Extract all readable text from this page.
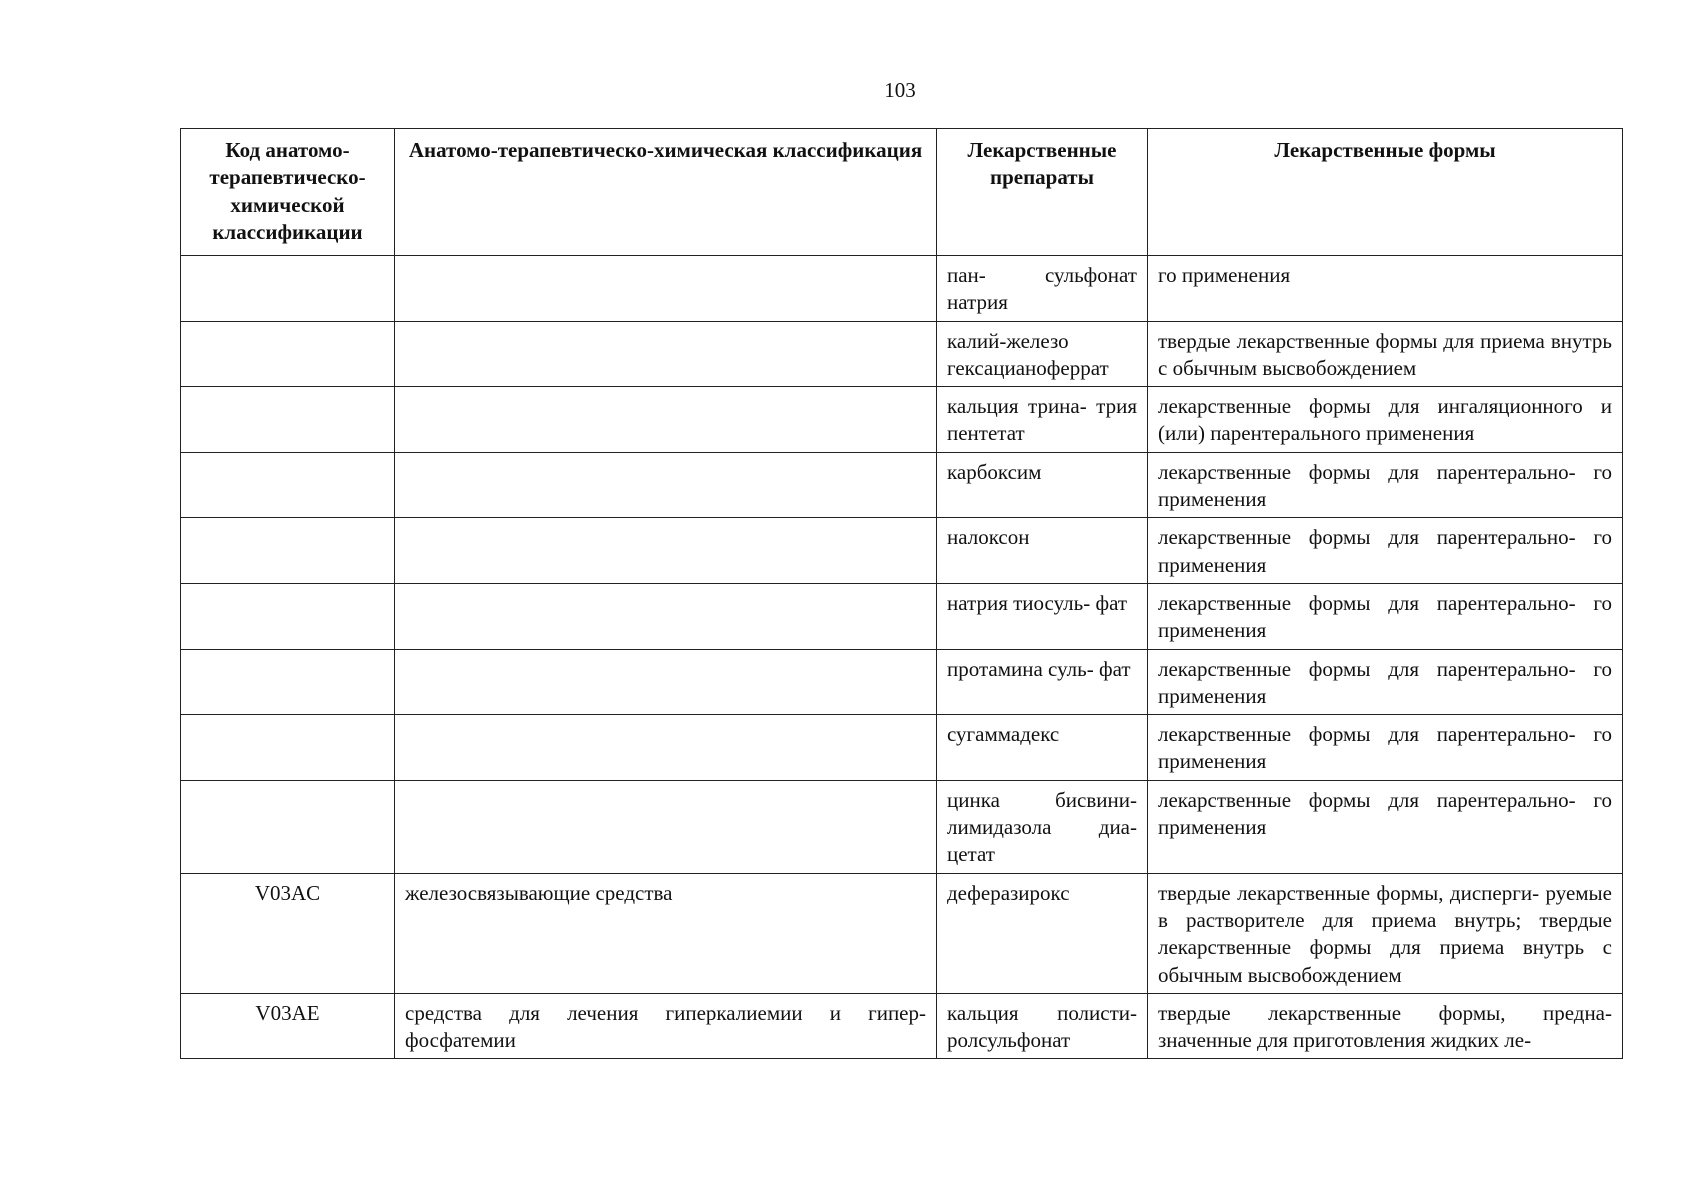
103
Код анатомо-терапевтическо-химической классификации	Анатомо-терапевтическо-химическая классификация	Лекарственные препараты	Лекарственные формы
		пан- сульфонат натрия	го применения
		калий-железо гексацианоферрат	твердые лекарственные формы для приема внутрь с обычным высвобождением
		кальция трина- трия пентетат	лекарственные формы для ингаляционного и (или) парентерального применения
		карбоксим	лекарственные формы для парентерально- го применения
		налоксон	лекарственные формы для парентерально- го применения
		натрия тиосуль- фат	лекарственные формы для парентерально- го применения
		протамина суль- фат	лекарственные формы для парентерально- го применения
		сугаммадекс	лекарственные формы для парентерально- го применения
		цинка бисвини- лимидазола диа- цетат	лекарственные формы для парентерально- го применения
V03AC	железосвязывающие средства	деферазирокс	твердые лекарственные формы, дисперги- руемые в растворителе для приема внутрь; твердые лекарственные формы для приема внутрь с обычным высвобождением
V03AE	средства для лечения гиперкалиемии и гипер- фосфатемии	кальция полисти- ролсульфонат	твердые лекарственные формы, предна- значенные для приготовления жидких ле-
